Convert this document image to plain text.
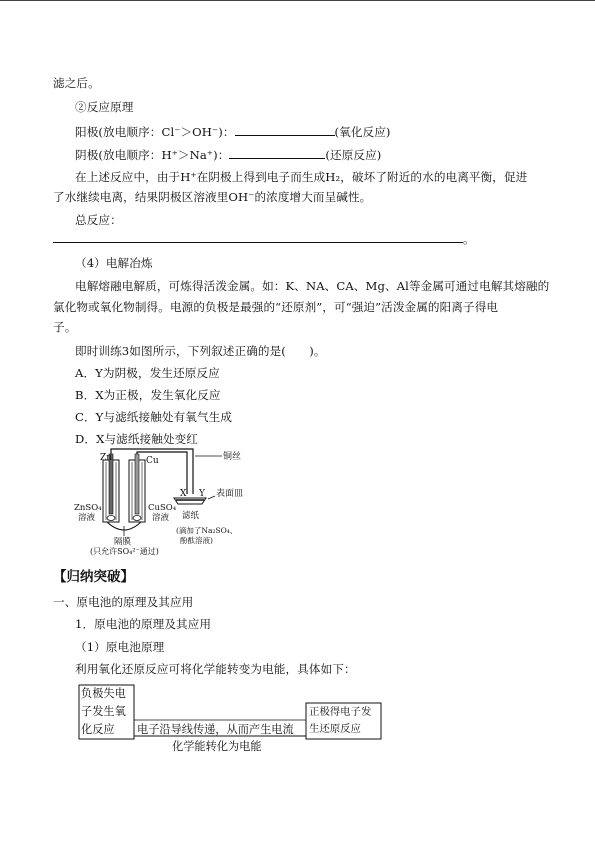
滤之后。
②反应原理
阳极(放电顺序：Cl⁻＞OH⁻)：	(氧化反应)
阴极(放电顺序：H⁺＞Na⁺)：	(还原反应)
在上述反应中，由于H⁺在阴极上得到电子而生成H₂，破坏了附近的水的电离平衡，促进
了水继续电离，结果阴极区溶液里OH⁻的浓度增大而呈碱性。
总反应：
。
（4）电解冶炼
电解熔融电解质，可炼得活泼金属。如：K、NA、CA、Mg、Al等金属可通过电解其熔融的
氯化物或氧化物制得。电源的负极是最强的“还原剂”，可“强迫”活泼金属的阳离子得电
子。
即时训练3如图所示，下列叙述正确的是(　　)。
A．Y为阴极，发生还原反应
B．X为正极，发生氧化反应
C．Y与滤纸接触处有氧气生成
D．X与滤纸接触处变红
Zn	Cu	铜丝
X Y 表面皿
ZnSO₄
溶液
CuSO₄
溶液
隔膜
(只允许SO₄²⁻通过)
滤纸
(滴加了Na₂SO₄、
酚酞溶液)
【归纳突破】
一、原电池的原理及其应用
1．原电池的原理及其应用
（1）原电池原理
利用氧化还原反应可将化学能转变为电能，具体如下：
负极失电
子发生氧
化反应 电子沿导线传递，从而产生电流
正极得电子发
生还原反应
化学能转化为电能
